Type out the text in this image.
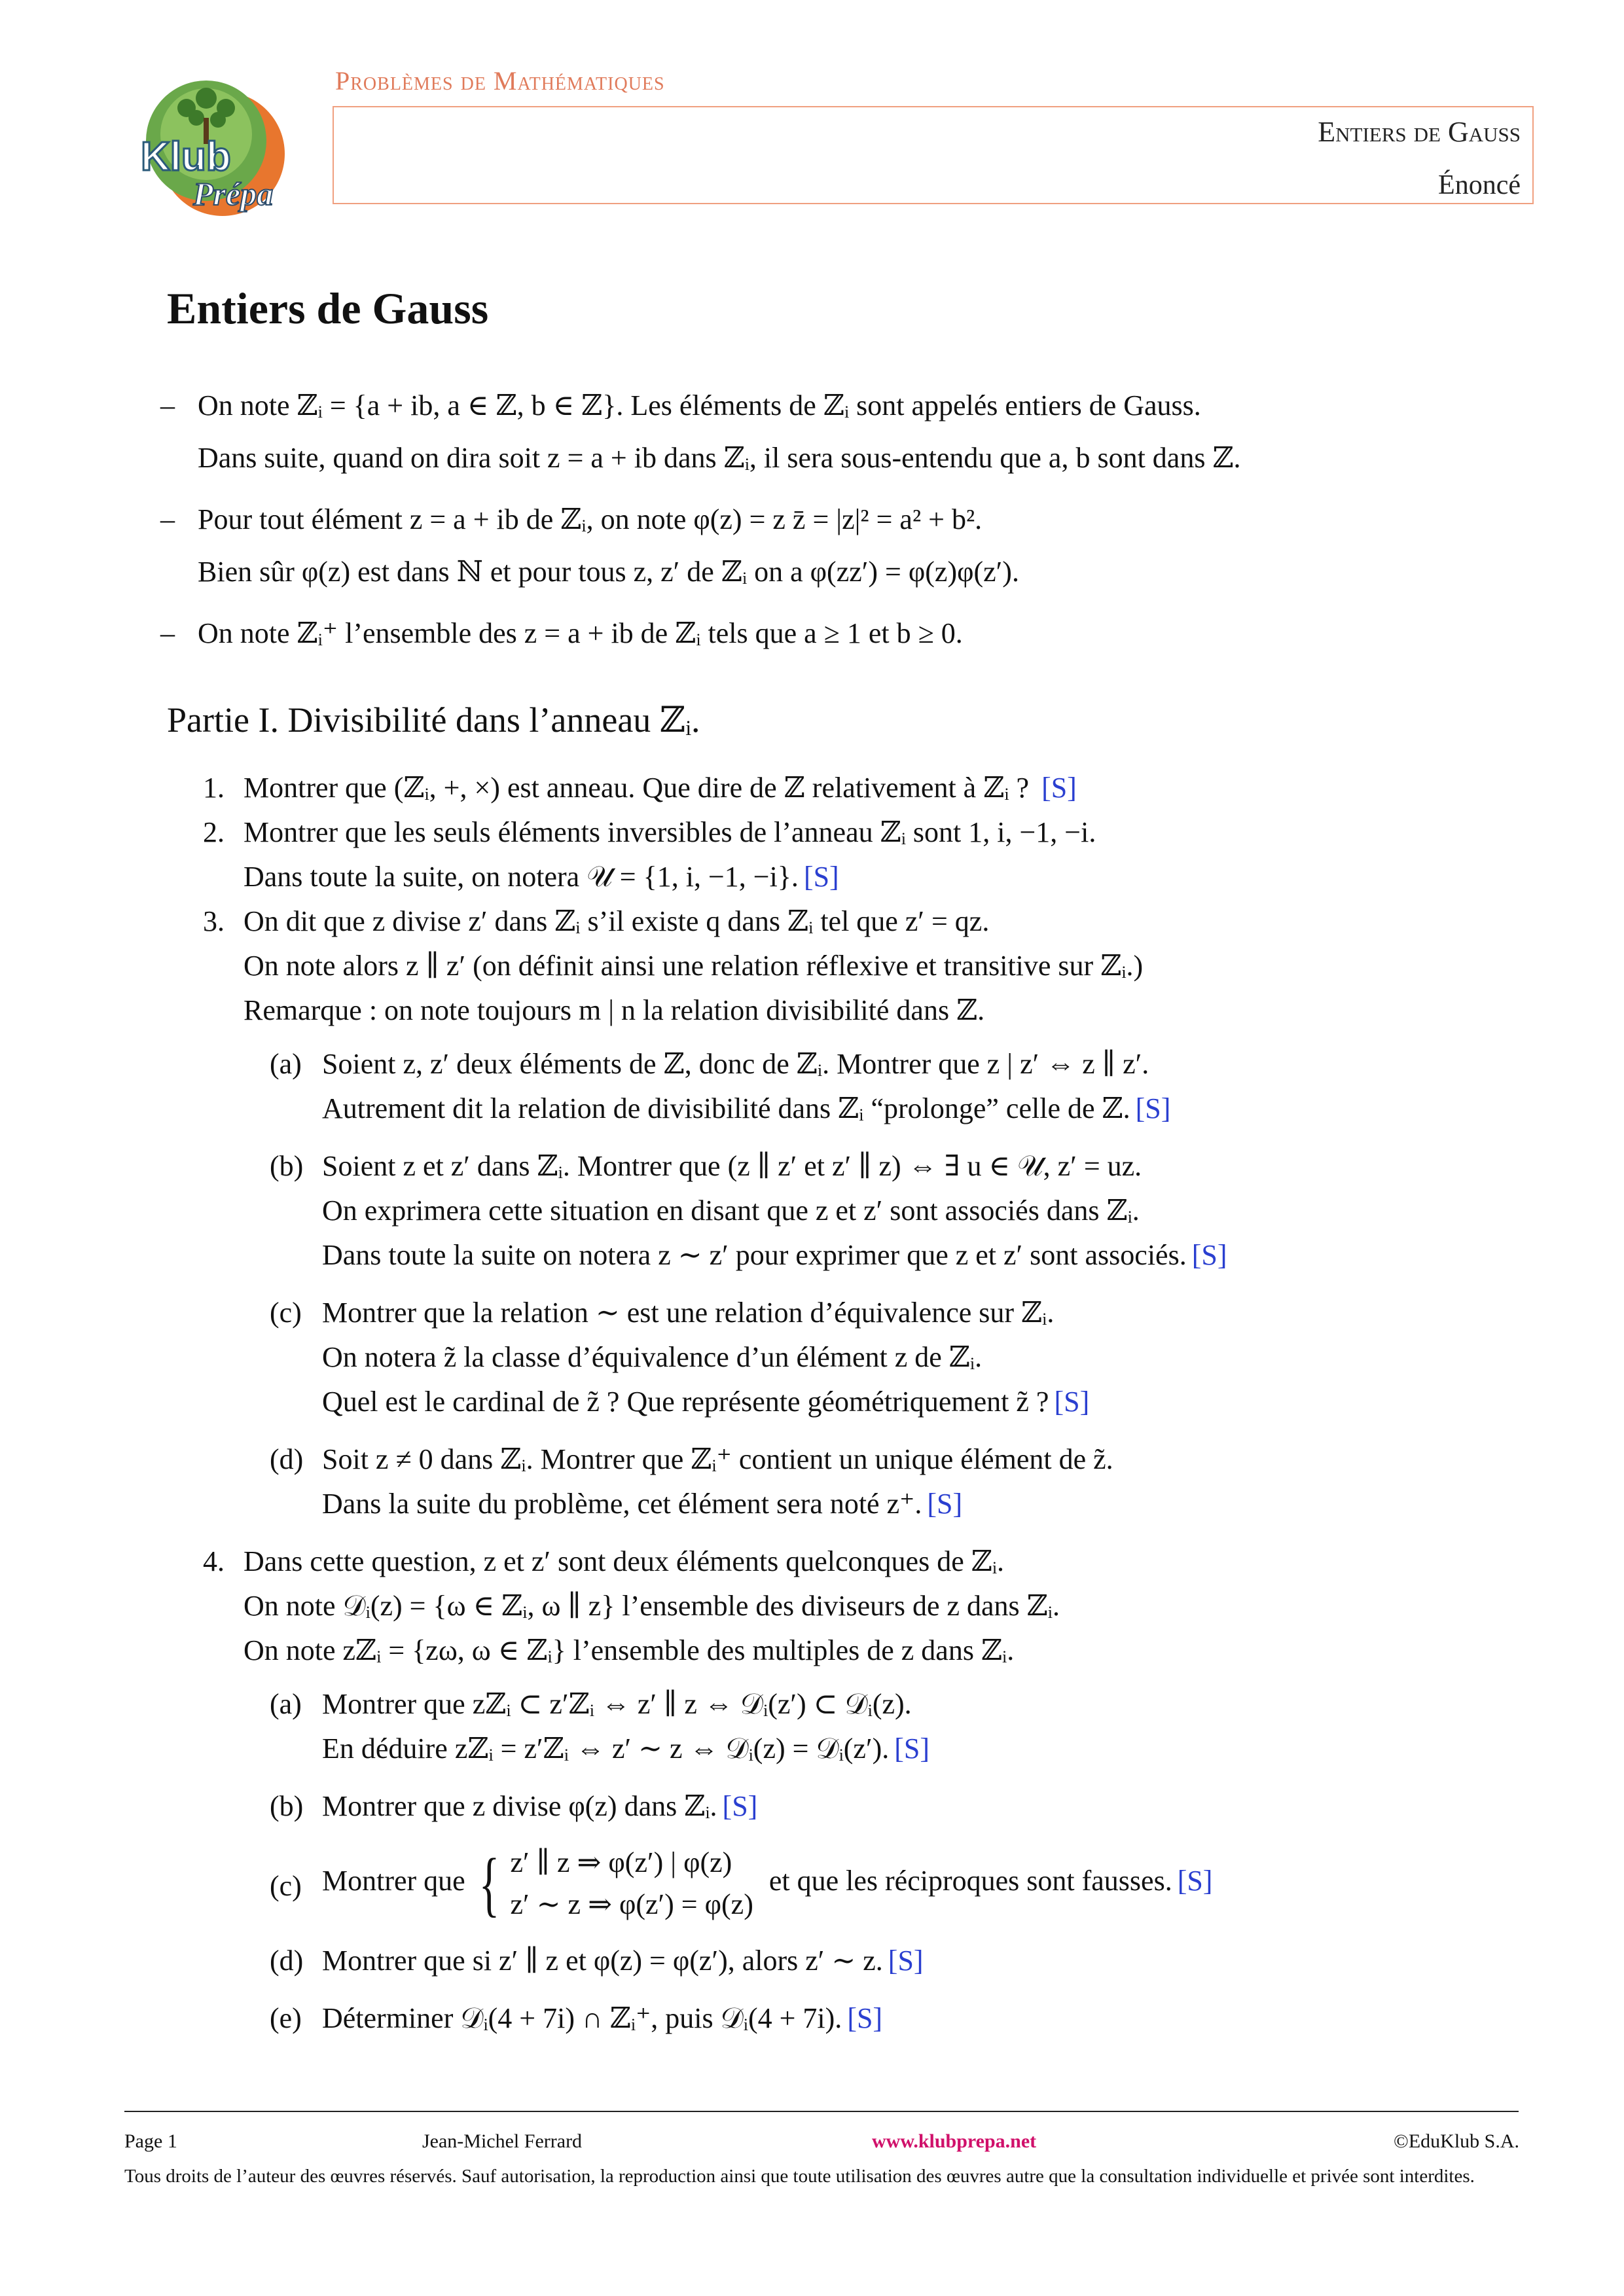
Klub
Prépa
Problèmes de Mathématiques
Entiers de Gauss
Énoncé
Entiers de Gauss
– On note ℤᵢ = {a + ib, a ∈ ℤ, b ∈ ℤ}. Les éléments de ℤᵢ sont appelés entiers de Gauss.
Dans suite, quand on dira soit z = a + ib dans ℤᵢ, il sera sous-entendu que a, b sont dans ℤ.
– Pour tout élément z = a + ib de ℤᵢ, on note φ(z) = z z̄ = |z|² = a² + b².
Bien sûr φ(z) est dans ℕ et pour tous z, z′ de ℤᵢ on a φ(zz′) = φ(z)φ(z′).
– On note ℤᵢ⁺ l’ensemble des z = a + ib de ℤᵢ tels que a ≥ 1 et b ≥ 0.
Partie I. Divisibilité dans l’anneau ℤᵢ.
1. Montrer que (ℤᵢ, +, ×) est anneau. Que dire de ℤ relativement à ℤᵢ ? [S]
2. Montrer que les seuls éléments inversibles de l’anneau ℤᵢ sont 1, i, −1, −i.
Dans toute la suite, on notera 𝒰 = {1, i, −1, −i}. [S]
3. On dit que z divise z′ dans ℤᵢ s’il existe q dans ℤᵢ tel que z′ = qz.
On note alors z ∥ z′ (on définit ainsi une relation réflexive et transitive sur ℤᵢ.)
Remarque : on note toujours m | n la relation divisibilité dans ℤ.
(a) Soient z, z′ deux éléments de ℤ, donc de ℤᵢ. Montrer que z | z′ ⇔ z ∥ z′.
Autrement dit la relation de divisibilité dans ℤᵢ “prolonge” celle de ℤ. [S]
(b) Soient z et z′ dans ℤᵢ. Montrer que (z ∥ z′ et z′ ∥ z) ⇔ ∃ u ∈ 𝒰, z′ = uz.
On exprimera cette situation en disant que z et z′ sont associés dans ℤᵢ.
Dans toute la suite on notera z ∼ z′ pour exprimer que z et z′ sont associés. [S]
(c) Montrer que la relation ∼ est une relation d’équivalence sur ℤᵢ.
On notera z̃ la classe d’équivalence d’un élément z de ℤᵢ.
Quel est le cardinal de z̃ ? Que représente géométriquement z̃ ? [S]
(d) Soit z ≠ 0 dans ℤᵢ. Montrer que ℤᵢ⁺ contient un unique élément de z̃.
Dans la suite du problème, cet élément sera noté z⁺. [S]
4. Dans cette question, z et z′ sont deux éléments quelconques de ℤᵢ.
On note 𝒟ᵢ(z) = {ω ∈ ℤᵢ, ω ∥ z} l’ensemble des diviseurs de z dans ℤᵢ.
On note zℤᵢ = {zω, ω ∈ ℤᵢ} l’ensemble des multiples de z dans ℤᵢ.
(a) Montrer que zℤᵢ ⊂ z′ℤᵢ ⇔ z′ ∥ z ⇔ 𝒟ᵢ(z′) ⊂ 𝒟ᵢ(z).
En déduire zℤᵢ = z′ℤᵢ ⇔ z′ ∼ z ⇔ 𝒟ᵢ(z) = 𝒟ᵢ(z′). [S]
(b) Montrer que z divise φ(z) dans ℤᵢ. [S]
(c) Montrer que { z′ ∥ z ⇒ φ(z′) | φ(z)
z′ ∼ z ⇒ φ(z′) = φ(z)
et que les réciproques sont fausses. [S]
(d) Montrer que si z′ ∥ z et φ(z) = φ(z′), alors z′ ∼ z. [S]
(e) Déterminer 𝒟ᵢ(4 + 7i) ∩ ℤᵢ⁺, puis 𝒟ᵢ(4 + 7i). [S]
Page 1	Jean-Michel Ferrard	www.klubprepa.net	©EduKlub S.A.
Tous droits de l’auteur des œuvres réservés. Sauf autorisation, la reproduction ainsi que toute utilisation des œuvres autre que la consultation individuelle et privée sont interdites.
